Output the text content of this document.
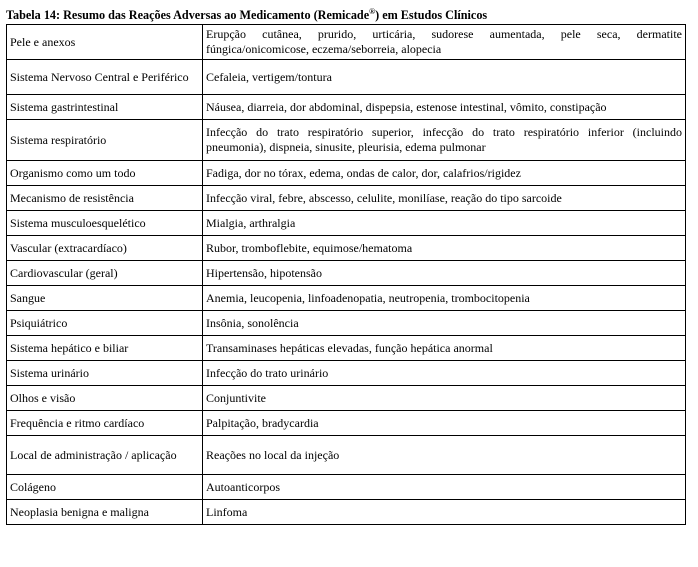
Tabela 14: Resumo das Reações Adversas ao Medicamento (Remicade®) em Estudos Clínicos
Pele e anexos	Erupção cutânea, prurido, urticária, sudorese aumentada, pele seca, dermatite fúngica/onicomicose, eczema/seborreia, alopecia
Sistema Nervoso Central e Periférico	Cefaleia, vertigem/tontura
Sistema gastrintestinal	Náusea, diarreia, dor abdominal, dispepsia, estenose intestinal, vômito, constipação
Sistema respiratório	Infecção do trato respiratório superior, infecção do trato respiratório inferior (incluindo pneumonia), dispneia, sinusite, pleurisia, edema pulmonar
Organismo como um todo	Fadiga, dor no tórax, edema, ondas de calor, dor, calafrios/rigidez
Mecanismo de resistência	Infecção viral, febre, abscesso, celulite, monilíase, reação do tipo sarcoide
Sistema musculoesquelético	Mialgia, arthralgia
Vascular (extracardíaco)	Rubor, tromboflebite, equimose/hematoma
Cardiovascular (geral)	Hipertensão, hipotensão
Sangue	Anemia, leucopenia, linfoadenopatia, neutropenia, trombocitopenia
Psiquiátrico	Insônia, sonolência
Sistema hepático e biliar	Transaminases hepáticas elevadas, função hepática anormal
Sistema urinário	Infecção do trato urinário
Olhos e visão	Conjuntivite
Frequência e ritmo cardíaco	Palpitação, bradycardia
Local de administração / aplicação	Reações no local da injeção
Colágeno	Autoanticorpos
Neoplasia benigna e maligna	Linfoma
